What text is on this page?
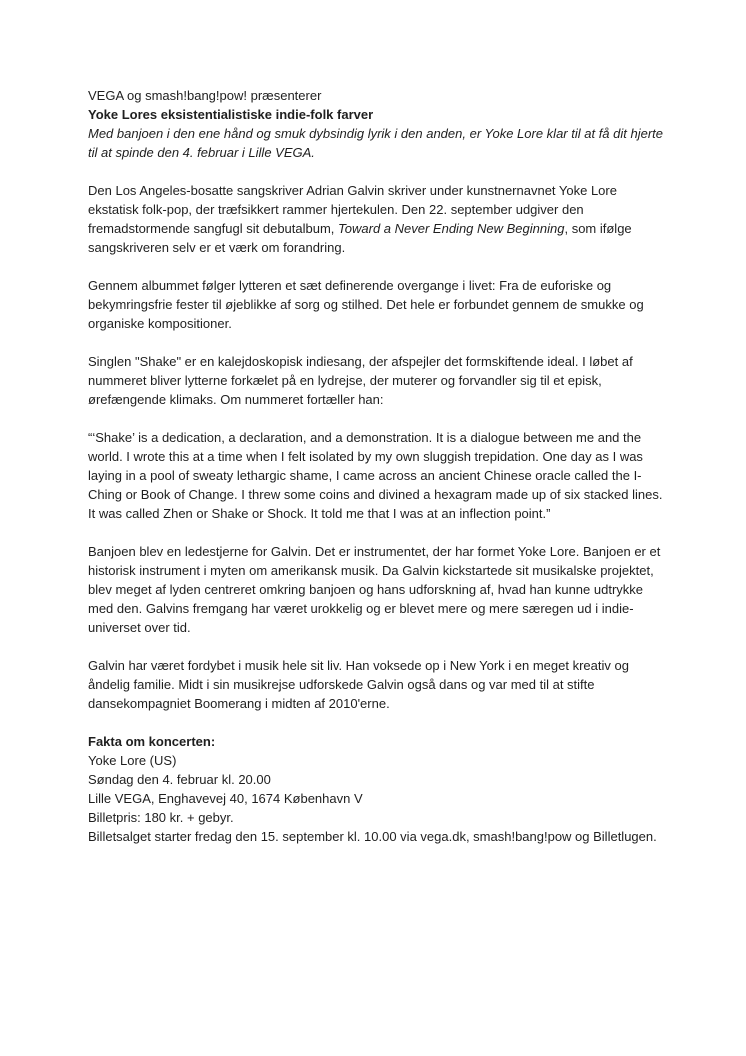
VEGA og smash!bang!pow! præsenterer

Yoke Lores eksistentialistiske indie-folk farver

Med banjoen i den ene hånd og smuk dybsindig lyrik i den anden, er Yoke Lore klar til at få dit hjerte til at spinde den 4. februar i Lille VEGA.

Den Los Angeles-bosatte sangskriver Adrian Galvin skriver under kunstnernavnet Yoke Lore ekstatisk folk-pop, der træfsikkert rammer hjertekulen. Den 22. september udgiver den fremadstormende sangfugl sit debutalbum, Toward a Never Ending New Beginning, som ifølge sangskriveren selv er et værk om forandring.

Gennem albummet følger lytteren et sæt definerende overgange i livet: Fra de euforiske og bekymringsfrie fester til øjeblikke af sorg og stilhed. Det hele er forbundet gennem de smukke og organiske kompositioner.

Singlen "Shake" er en kalejdoskopisk indiesang, der afspejler det formskiftende ideal. I løbet af nummeret bliver lytterne forkælet på en lydrejse, der muterer og forvandler sig til et episk, ørefængende klimaks. Om nummeret fortæller han:

“‘Shake’ is a dedication, a declaration, and a demonstration. It is a dialogue between me and the world. I wrote this at a time when I felt isolated by my own sluggish trepidation. One day as I was laying in a pool of sweaty lethargic shame, I came across an ancient Chinese oracle called the I-Ching or Book of Change. I threw some coins and divined a hexagram made up of six stacked lines. It was called Zhen or Shake or Shock. It told me that I was at an inflection point.”

Banjoen blev en ledestjerne for Galvin. Det er instrumentet, der har formet Yoke Lore. Banjoen er et historisk instrument i myten om amerikansk musik. Da Galvin kickstartede sit musikalske projektet, blev meget af lyden centreret omkring banjoen og hans udforskning af, hvad han kunne udtrykke med den. Galvins fremgang har været urokkelig og er blevet mere og mere særegen ud i indie-universet over tid.

Galvin har været fordybet i musik hele sit liv. Han voksede op i New York i en meget kreativ og åndelig familie. Midt i sin musikrejse udforskede Galvin også dans og var med til at stifte dansekompagniet Boomerang i midten af 2010'erne.

Fakta om koncerten:

Yoke Lore (US)

Søndag den 4. februar kl. 20.00

Lille VEGA, Enghavevej 40, 1674 København V

Billetpris: 180 kr. + gebyr.

Billetsalget starter fredag den 15. september kl. 10.00 via vega.dk, smash!bang!pow og Billetlugen.
